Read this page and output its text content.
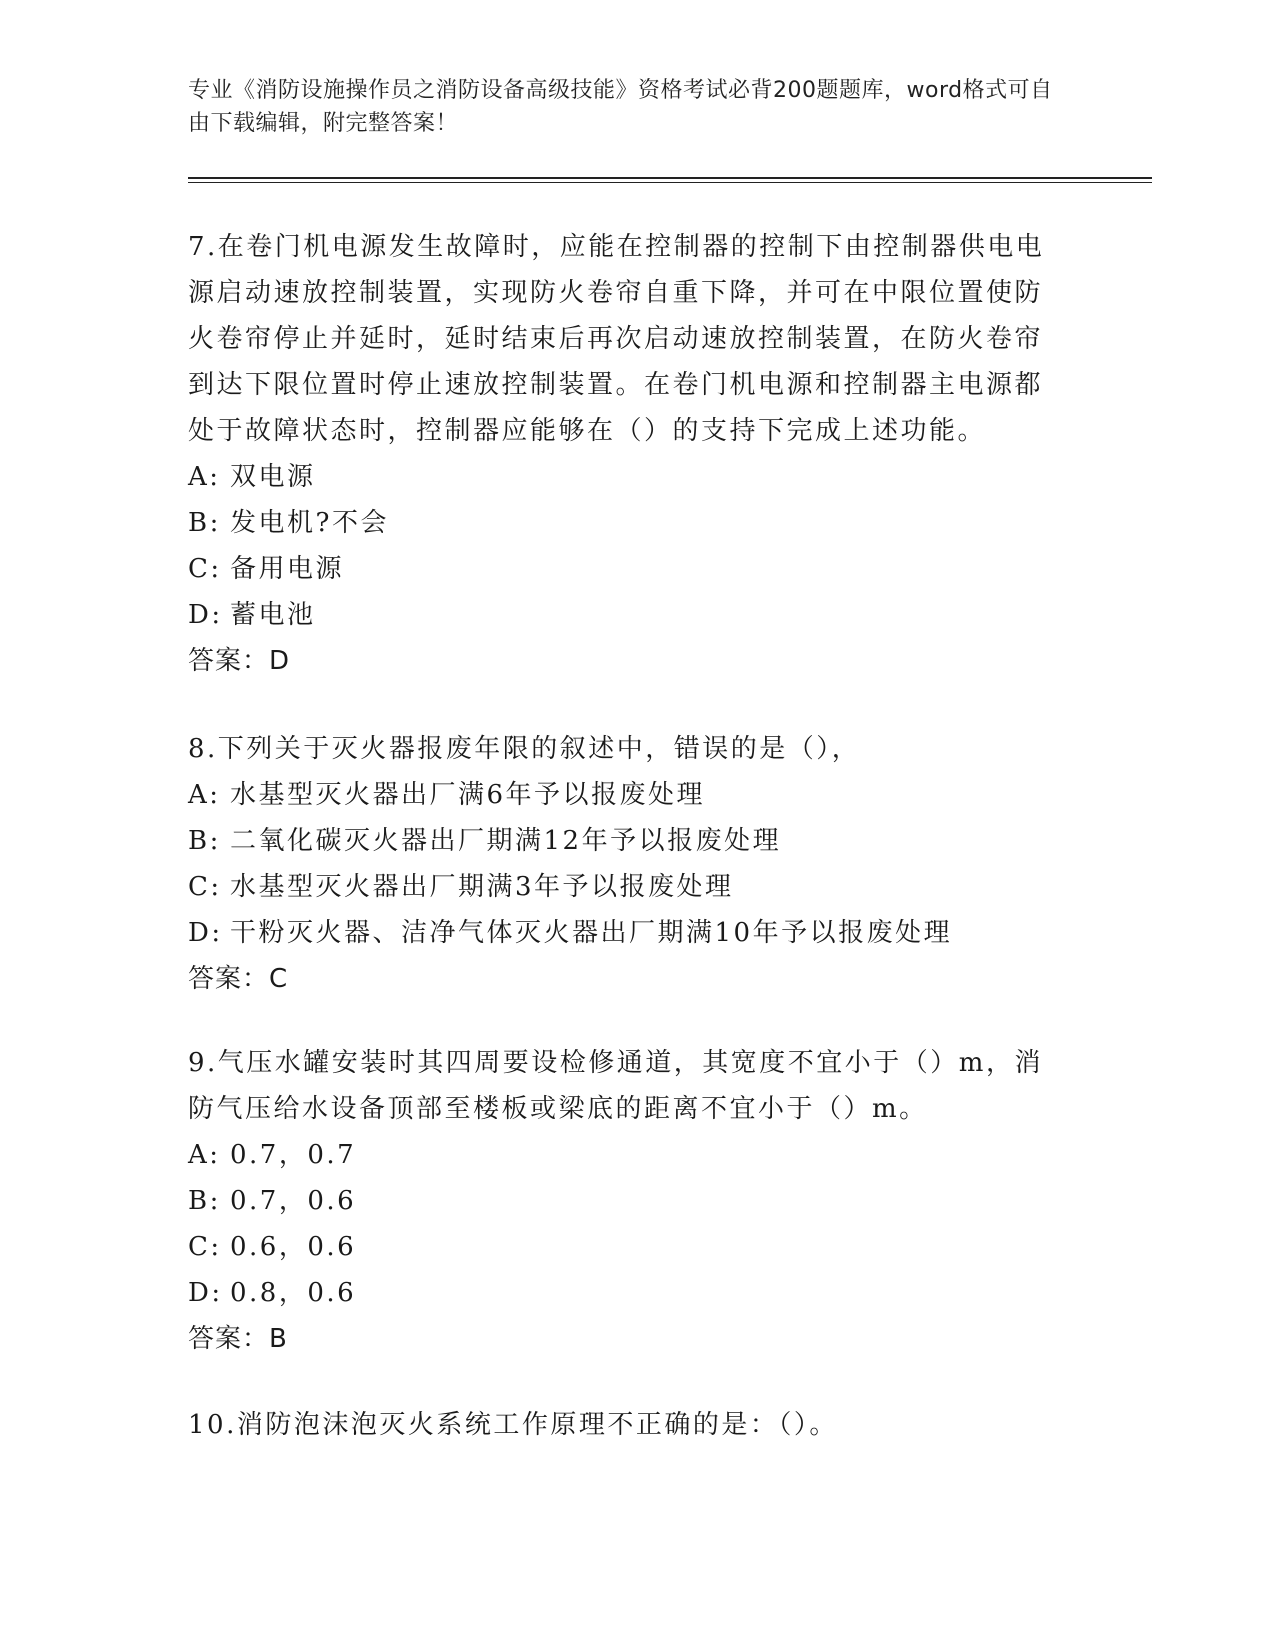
专业《消防设施操作员之消防设备高级技能》资格考试必背200题题库，word格式可自由下载编辑，附完整答案！

7.在卷门机电源发生故障时，应能在控制器的控制下由控制器供电电源启动速放控制装置，实现防火卷帘自重下降，并可在中限位置使防火卷帘停止并延时，延时结束后再次启动速放控制装置，在防火卷帘到达下限位置时停止速放控制装置。在卷门机电源和控制器主电源都处于故障状态时，控制器应能够在（）的支持下完成上述功能。

A: 双电源

B: 发电机?不会

C: 备用电源

D: 蓄电池

答案：D

8.下列关于灭火器报废年限的叙述中，错误的是（），

A: 水基型灭火器出厂满6年予以报废处理

B: 二氧化碳灭火器出厂期满12年予以报废处理

C: 水基型灭火器出厂期满3年予以报废处理

D: 干粉灭火器、洁净气体灭火器出厂期满10年予以报废处理

答案：C

9.气压水罐安装时其四周要设检修通道，其宽度不宜小于（）m，消防气压给水设备顶部至楼板或梁底的距离不宜小于（）m。

A: 0.7，0.7

B: 0.7，0.6

C: 0.6，0.6

D: 0.8，0.6

答案：B

10.消防泡沫泡灭火系统工作原理不正确的是：（）。
